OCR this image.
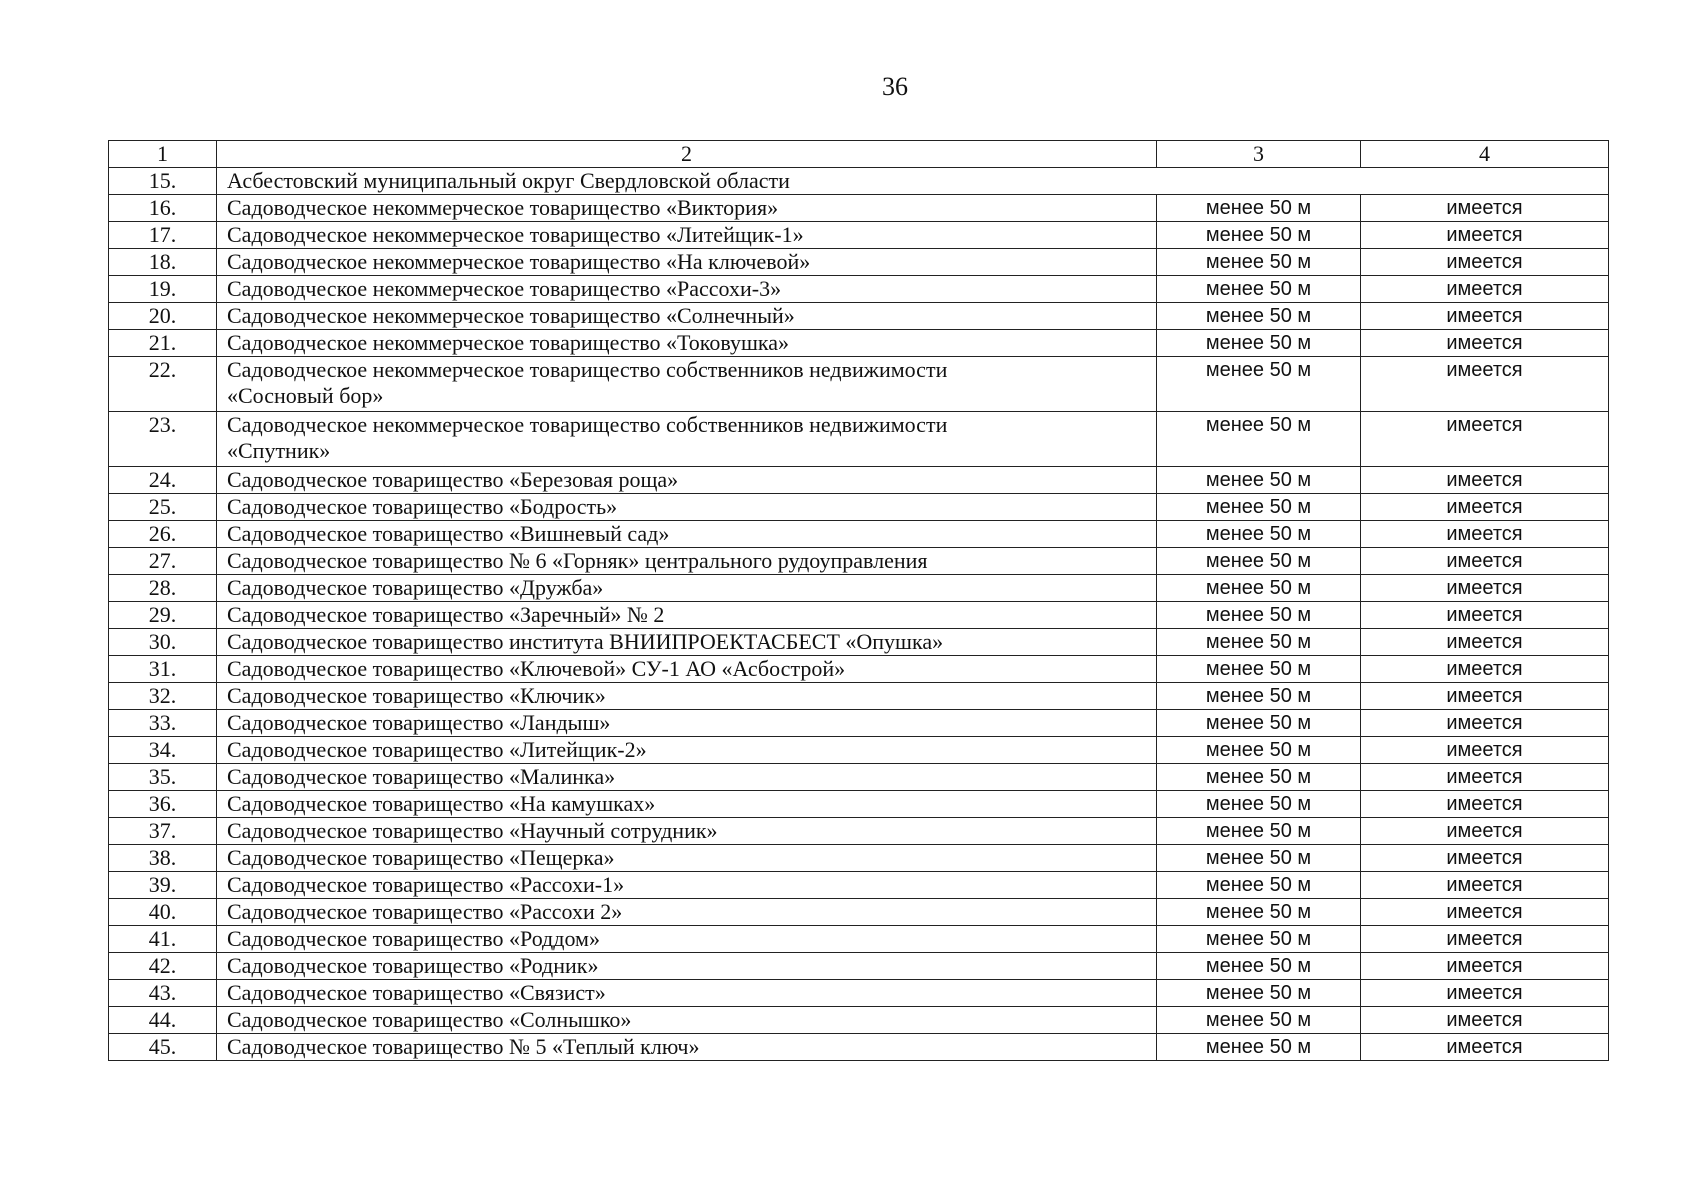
36
1	2	3	4
15.	Асбестовский муниципальный округ Свердловской области		
16.	Садоводческое некоммерческое товарищество «Виктория»	менее 50 м	имеется
17.	Садоводческое некоммерческое товарищество «Литейщик-1»	менее 50 м	имеется
18.	Садоводческое некоммерческое товарищество «На ключевой»	менее 50 м	имеется
19.	Садоводческое некоммерческое товарищество «Рассохи-3»	менее 50 м	имеется
20.	Садоводческое некоммерческое товарищество «Солнечный»	менее 50 м	имеется
21.	Садоводческое некоммерческое товарищество «Токовушка»	менее 50 м	имеется
22.	Садоводческое некоммерческое товарищество собственников недвижимости
«Сосновый бор»	менее 50 м	имеется
23.	Садоводческое некоммерческое товарищество собственников недвижимости
«Спутник»	менее 50 м	имеется
24.	Садоводческое товарищество «Березовая роща»	менее 50 м	имеется
25.	Садоводческое товарищество «Бодрость»	менее 50 м	имеется
26.	Садоводческое товарищество «Вишневый сад»	менее 50 м	имеется
27.	Садоводческое товарищество № 6 «Горняк» центрального рудоуправления	менее 50 м	имеется
28.	Садоводческое товарищество «Дружба»	менее 50 м	имеется
29.	Садоводческое товарищество «Заречный» № 2	менее 50 м	имеется
30.	Садоводческое товарищество института ВНИИПРОЕКТАСБЕСТ «Опушка»	менее 50 м	имеется
31.	Садоводческое товарищество «Ключевой» СУ-1 АО «Асбострой»	менее 50 м	имеется
32.	Садоводческое товарищество «Ключик»	менее 50 м	имеется
33.	Садоводческое товарищество «Ландыш»	менее 50 м	имеется
34.	Садоводческое товарищество «Литейщик-2»	менее 50 м	имеется
35.	Садоводческое товарищество «Малинка»	менее 50 м	имеется
36.	Садоводческое товарищество «На камушках»	менее 50 м	имеется
37.	Садоводческое товарищество «Научный сотрудник»	менее 50 м	имеется
38.	Садоводческое товарищество «Пещерка»	менее 50 м	имеется
39.	Садоводческое товарищество «Рассохи-1»	менее 50 м	имеется
40.	Садоводческое товарищество «Рассохи 2»	менее 50 м	имеется
41.	Садоводческое товарищество «Роддом»	менее 50 м	имеется
42.	Садоводческое товарищество «Родник»	менее 50 м	имеется
43.	Садоводческое товарищество «Связист»	менее 50 м	имеется
44.	Садоводческое товарищество «Солнышко»	менее 50 м	имеется
45.	Садоводческое товарищество № 5 «Теплый ключ»	менее 50 м	имеется
